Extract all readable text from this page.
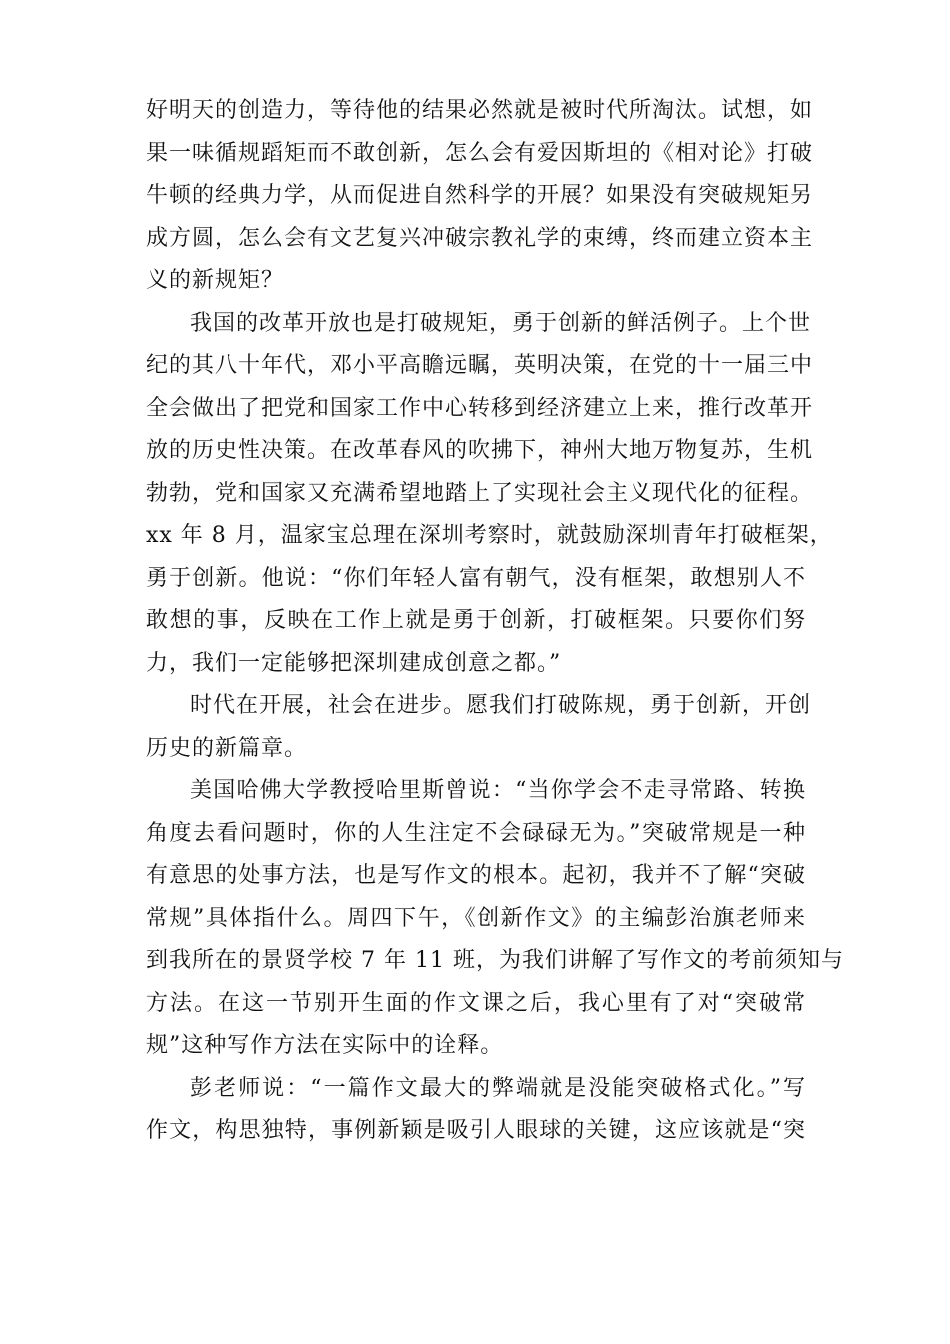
好明天的创造力，等待他的结果必然就是被时代所淘汰。试想，如
果一味循规蹈矩而不敢创新，怎么会有爱因斯坦的《相对论》打破
牛顿的经典力学，从而促进自然科学的开展？如果没有突破规矩另
成方圆，怎么会有文艺复兴冲破宗教礼学的束缚，终而建立资本主
义的新规矩？
我国的改革开放也是打破规矩，勇于创新的鲜活例子。上个世
纪的其八十年代，邓小平高瞻远瞩，英明决策，在党的十一届三中
全会做出了把党和国家工作中心转移到经济建立上来，推行改革开
放的历史性决策。在改革春风的吹拂下，神州大地万物复苏，生机
勃勃，党和国家又充满希望地踏上了实现社会主义现代化的征程。
xx 年 8 月，温家宝总理在深圳考察时，就鼓励深圳青年打破框架，
勇于创新。他说：“你们年轻人富有朝气，没有框架，敢想别人不
敢想的事，反映在工作上就是勇于创新，打破框架。只要你们努
力，我们一定能够把深圳建成创意之都。”
时代在开展，社会在进步。愿我们打破陈规，勇于创新，开创
历史的新篇章。
美国哈佛大学教授哈里斯曾说：“当你学会不走寻常路、转换
角度去看问题时，你的人生注定不会碌碌无为。”突破常规是一种
有意思的处事方法，也是写作文的根本。起初，我并不了解“突破
常规”具体指什么。周四下午，《创新作文》的主编彭治旗老师来
到我所在的景贤学校 7 年 11 班，为我们讲解了写作文的考前须知与
方法。在这一节别开生面的作文课之后，我心里有了对“突破常
规”这种写作方法在实际中的诠释。
彭老师说：“一篇作文最大的弊端就是没能突破格式化。”写
作文，构思独特，事例新颖是吸引人眼球的关键，这应该就是“突
